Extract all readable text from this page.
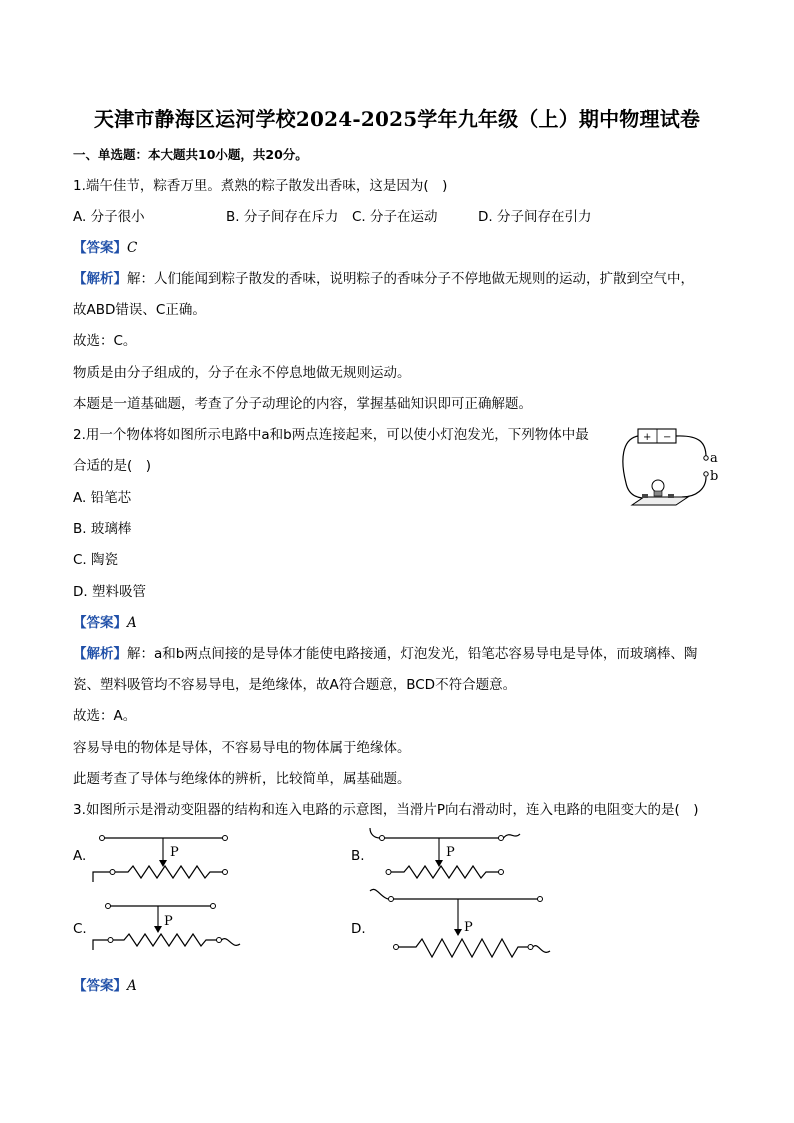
天津市静海区运河学校2024-2025学年九年级（上）期中物理试卷
一、单选题：本大题共10小题，共20分。
1.端午佳节，粽香万里。煮熟的粽子散发出香味，这是因为(　)
A. 分子很小	B. 分子间存在斥力 C. 分子在运动	D. 分子间存在引力
【答案】C
【解析】解：人们能闻到粽子散发的香味，说明粽子的香味分子不停地做无规则的运动，扩散到空气中，
故ABD错误、C正确。
故选：C。
物质是由分子组成的，分子在永不停息地做无规则运动。
本题是一道基础题，考查了分子动理论的内容，掌握基础知识即可正确解题。
2.用一个物体将如图所示电路中a和b两点连接起来，可以使小灯泡发光，下列物体中最
合适的是(　)
+ −
a
b
A. 铅笔芯
B. 玻璃棒
C. 陶瓷
D. 塑料吸管
【答案】A
【解析】解：a和b两点间接的是导体才能使电路接通，灯泡发光，铅笔芯容易导电是导体，而玻璃棒、陶
瓷、塑料吸管均不容易导电，是绝缘体，故A符合题意，BCD不符合题意。
故选：A。
容易导电的物体是导体，不容易导电的物体属于绝缘体。
此题考查了导体与绝缘体的辨析，比较简单，属基础题。
3.如图所示是滑动变阻器的结构和连入电路的示意图，当滑片P向右滑动时，连入电路的电阻变大的是(　)
A.	P	B.	P
C.	P	D.	P
【答案】A
